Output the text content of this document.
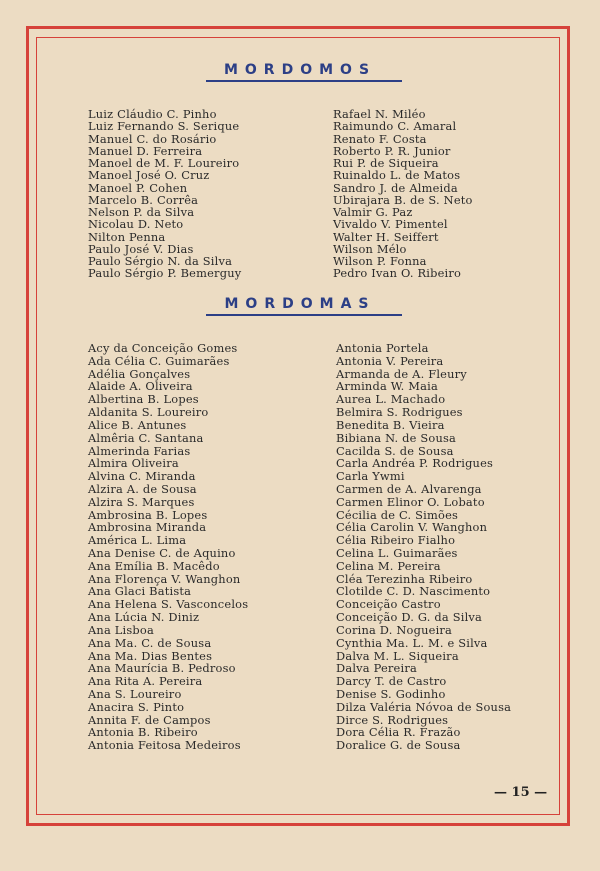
MORDOMOS
Luiz Cláudio C. Pinho
Luiz Fernando S. Serique
Manuel C. do Rosário
Manuel D. Ferreira
Manoel de M. F. Loureiro
Manoel José O. Cruz
Manoel P. Cohen
Marcelo B. Corrêa
Nelson P. da Silva
Nicolau D. Neto
Nilton Penna
Paulo José V. Dias
Paulo Sérgio N. da Silva
Paulo Sérgio P. Bemerguy
Rafael N. Miléo
Raimundo C. Amaral
Renato F. Costa
Roberto P. R. Junior
Rui P. de Siqueira
Ruinaldo L. de Matos
Sandro J. de Almeida
Ubirajara B. de S. Neto
Valmir G. Paz
Vivaldo V. Pimentel
Walter H. Seiffert
Wilson Mélo
Wilson P. Fonna
Pedro Ivan O. Ribeiro
MORDOMAS
Acy da Conceição Gomes
Ada Célia C. Guimarães
Adélia Gonçalves
Alaide A. Oliveira
Albertina B. Lopes
Aldanita S. Loureiro
Alice B. Antunes
Almêria C. Santana
Almerinda Farias
Almira Oliveira
Alvina C. Miranda
Alzira A. de Sousa
Alzira S. Marques
Ambrosina B. Lopes
Ambrosina Miranda
América L. Lima
Ana Denise C. de Aquino
Ana Emília B. Macêdo
Ana Florença V. Wanghon
Ana Glaci Batista
Ana Helena S. Vasconcelos
Ana Lúcia N. Diniz
Ana Lisboa
Ana Ma. C. de Sousa
Ana Ma. Dias Bentes
Ana Maurícia B. Pedroso
Ana Rita A. Pereira
Ana S. Loureiro
Anacira S. Pinto
Annita F. de Campos
Antonia B. Ribeiro
Antonia Feitosa Medeiros
Antonia Portela
Antonia V. Pereira
Armanda de A. Fleury
Arminda W. Maia
Aurea L. Machado
Belmira S. Rodrigues
Benedita B. Vieira
Bibiana N. de Sousa
Cacilda S. de Sousa
Carla Andréa P. Rodrigues
Carla Ywmi
Carmen de A. Alvarenga
Carmen Elinor O. Lobato
Cécilia de C. Simões
Célia Carolin V. Wanghon
Célia Ribeiro Fialho
Celina L. Guimarães
Celina M. Pereira
Cléa Terezinha Ribeiro
Clotilde C. D. Nascimento
Conceição Castro
Conceição D. G. da Silva
Corina D. Nogueira
Cynthia Ma. L. M. e Silva
Dalva M. L. Siqueira
Dalva Pereira
Darcy T. de Castro
Denise S. Godinho
Dilza Valéria Nóvoa de Sousa
Dirce S. Rodrigues
Dora Célia R. Frazão
Doralice G. de Sousa
— 15 —
